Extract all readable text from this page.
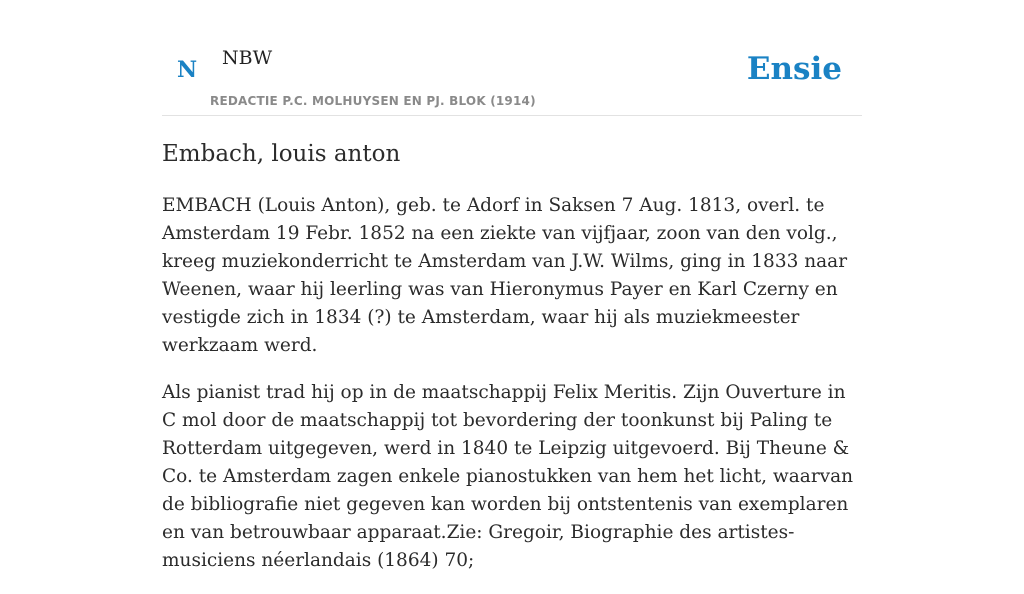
N NBW
REDACTIE P.C. MOLHUYSEN EN PJ. BLOK (1914)
Ensie
Embach, louis anton

EMBACH (Louis Anton), geb. te Adorf in Saksen 7 Aug. 1813, overl. te Amsterdam 19 Febr. 1852 na een ziekte van vijfjaar, zoon van den volg., kreeg muziekonderricht te Amsterdam van J.W. Wilms, ging in 1833 naar Weenen, waar hij leerling was van Hieronymus Payer en Karl Czerny en vestigde zich in 1834 (?) te Amsterdam, waar hij als muziekmeester werkzaam werd.

Als pianist trad hij op in de maatschappij Felix Meritis. Zijn Ouverture in C mol door de maatschappij tot bevordering der toonkunst bij Paling te Rotterdam uitgegeven, werd in 1840 te Leipzig uitgevoerd. Bij Theune & Co. te Amsterdam zagen enkele pianostukken van hem het licht, waarvan de bibliografie niet gegeven kan worden bij ontstentenis van exemplaren en van betrouwbaar apparaat.Zie: Gregoir, Biographie des artistes-musiciens néerlandais (1864) 70;
